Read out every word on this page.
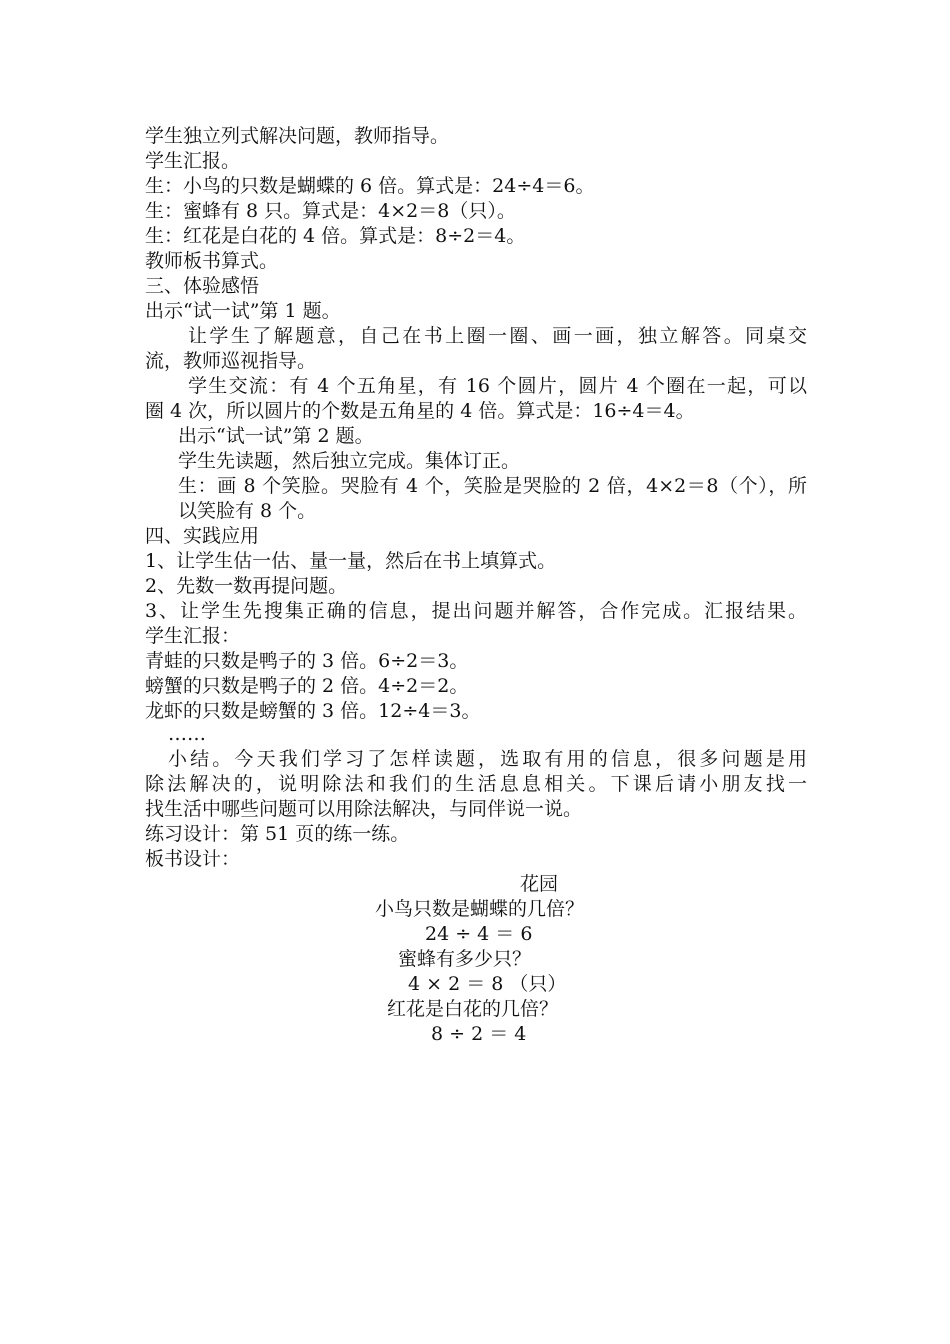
学生独立列式解决问题，教师指导。
学生汇报。
生：小鸟的只数是蝴蝶的 6 倍。算式是：24÷4＝6。
生：蜜蜂有 8 只。算式是：4×2＝8（只）。
生：红花是白花的 4 倍。算式是：8÷2＝4。
教师板书算式。
三、体验感悟
出示“试一试”第 1 题。
让学生了解题意，自己在书上圈一圈、画一画，独立解答。同桌交
流，教师巡视指导。
学生交流：有 4 个五角星，有 16 个圆片，圆片 4 个圈在一起，可以
圈 4 次，所以圆片的个数是五角星的 4 倍。算式是：16÷4＝4。
出示“试一试”第 2 题。
学生先读题，然后独立完成。集体订正。
生：画 8 个笑脸。哭脸有 4 个，笑脸是哭脸的 2 倍，4×2＝8（个），所
以笑脸有 8 个。
四、实践应用
1、让学生估一估、量一量，然后在书上填算式。
2、先数一数再提问题。
3、让学生先搜集正确的信息，提出问题并解答，合作完成。汇报结果。
学生汇报：
青蛙的只数是鸭子的 3 倍。6÷2＝3。
螃蟹的只数是鸭子的 2 倍。4÷2＝2。
龙虾的只数是螃蟹的 3 倍。12÷4＝3。
……
小结。今天我们学习了怎样读题，选取有用的信息，很多问题是用
除法解决的，说明除法和我们的生活息息相关。下课后请小朋友找一
找生活中哪些问题可以用除法解决，与同伴说一说。
练习设计：第 51 页的练一练。
板书设计：
花园
小鸟只数是蝴蝶的几倍？
24 ÷ 4 ＝ 6
蜜蜂有多少只？
4 × 2 ＝ 8 （只）
红花是白花的几倍？
8 ÷ 2 ＝ 4
